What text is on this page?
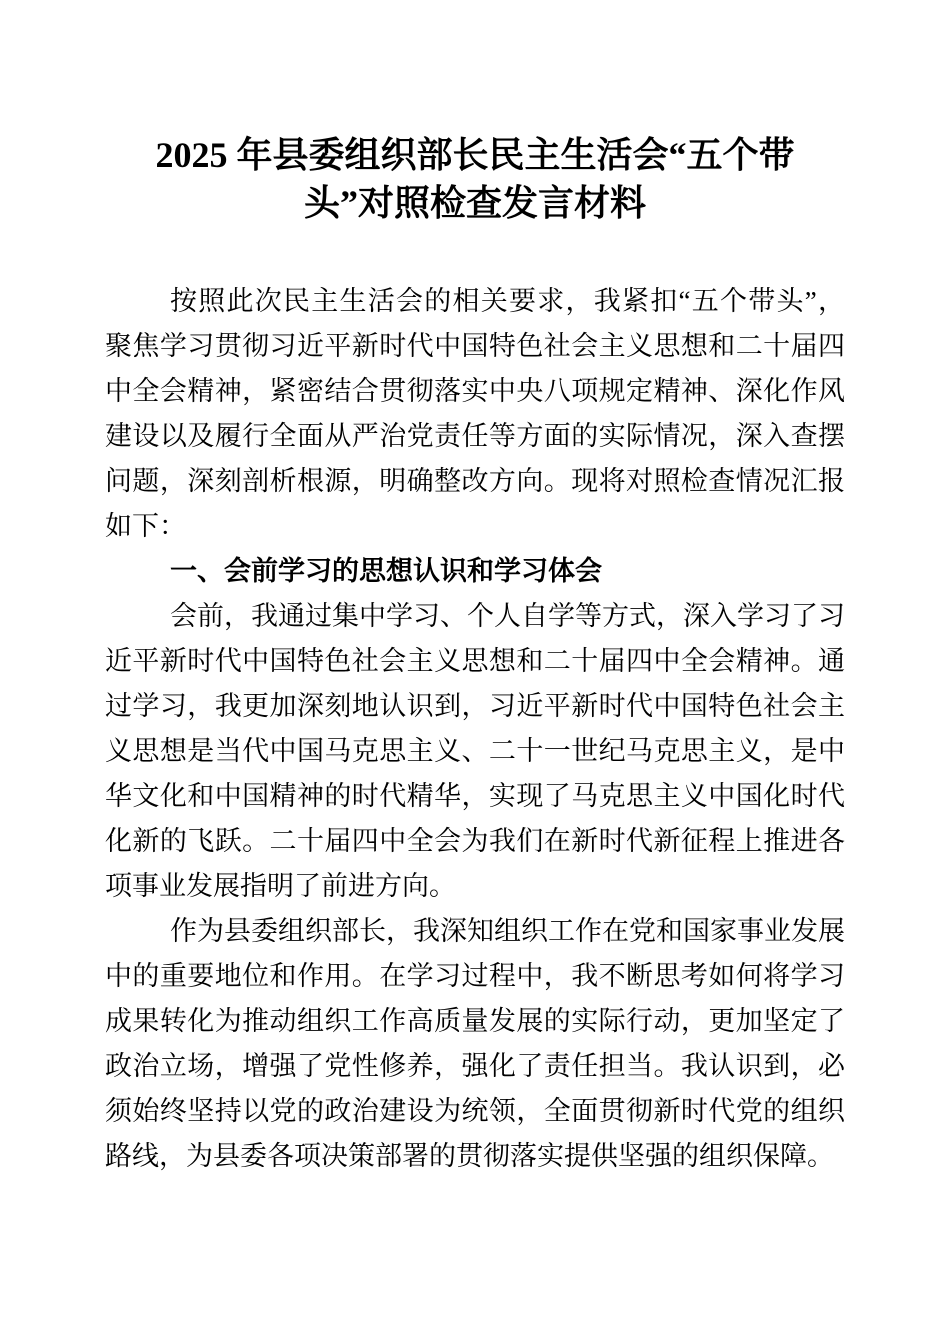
2025 年县委组织部长民主生活会“五个带
头”对照检查发言材料
按照此次民主生活会的相关要求，我紧扣“五个带头”，
聚焦学习贯彻习近平新时代中国特色社会主义思想和二十届四
中全会精神，紧密结合贯彻落实中央八项规定精神、深化作风
建设以及履行全面从严治党责任等方面的实际情况，深入查摆
问题，深刻剖析根源，明确整改方向。现将对照检查情况汇报
如下：
一、会前学习的思想认识和学习体会
会前，我通过集中学习、个人自学等方式，深入学习了习
近平新时代中国特色社会主义思想和二十届四中全会精神。通
过学习，我更加深刻地认识到，习近平新时代中国特色社会主
义思想是当代中国马克思主义、二十一世纪马克思主义，是中
华文化和中国精神的时代精华，实现了马克思主义中国化时代
化新的飞跃。二十届四中全会为我们在新时代新征程上推进各
项事业发展指明了前进方向。
作为县委组织部长，我深知组织工作在党和国家事业发展
中的重要地位和作用。在学习过程中，我不断思考如何将学习
成果转化为推动组织工作高质量发展的实际行动，更加坚定了
政治立场，增强了党性修养，强化了责任担当。我认识到，必
须始终坚持以党的政治建设为统领，全面贯彻新时代党的组织
路线，为县委各项决策部署的贯彻落实提供坚强的组织保障。
